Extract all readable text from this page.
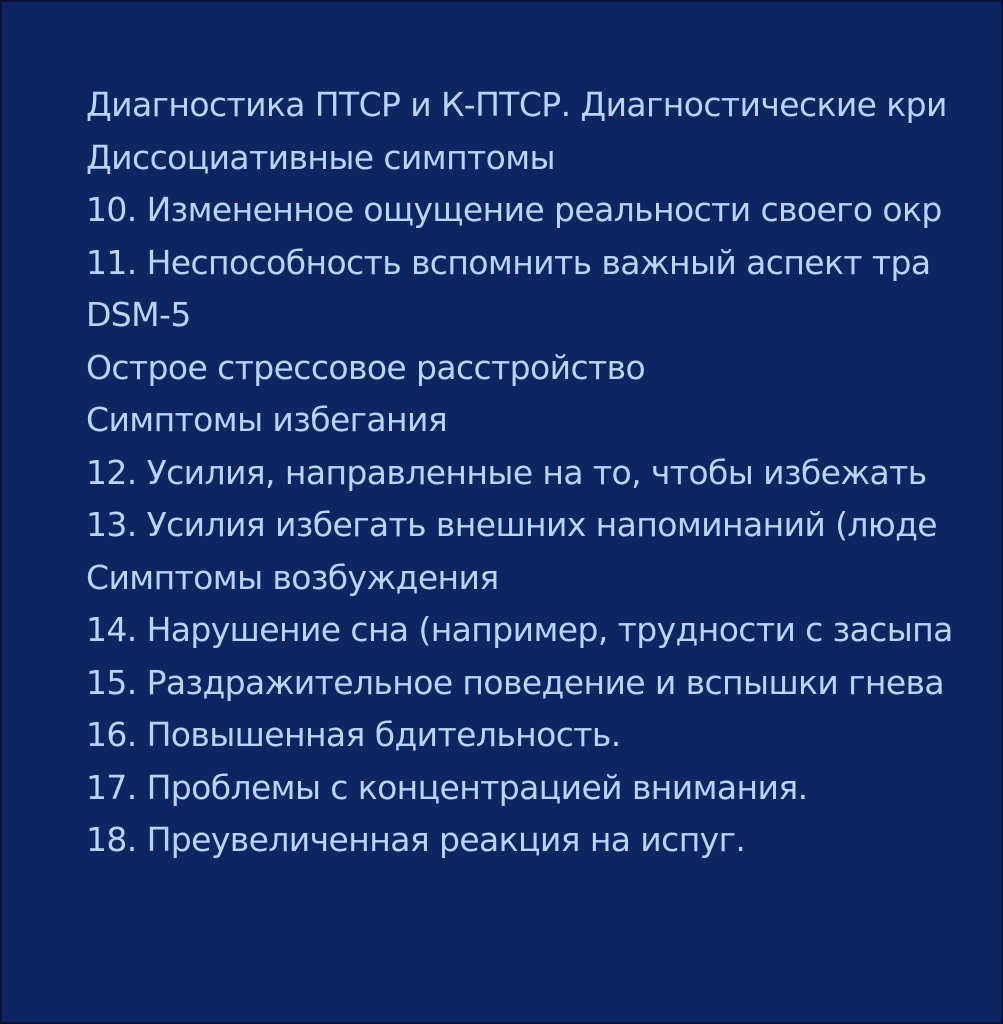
Диагностика ПТСР и К-ПТСР. Диагностические кри
Диссоциативные симптомы
10. Измененное ощущение реальности своего окр
11. Неспособность вспомнить важный аспект тра
DSM-5
Острое стрессовое расстройство
Симптомы избегания
12. Усилия, направленные на то, чтобы избежать
13. Усилия избегать внешних напоминаний (люде
Симптомы возбуждения
14. Нарушение сна (например, трудности с засыпа
15. Раздражительное поведение и вспышки гнева
16. Повышенная бдительность.
17. Проблемы с концентрацией внимания.
18. Преувеличенная реакция на испуг.
